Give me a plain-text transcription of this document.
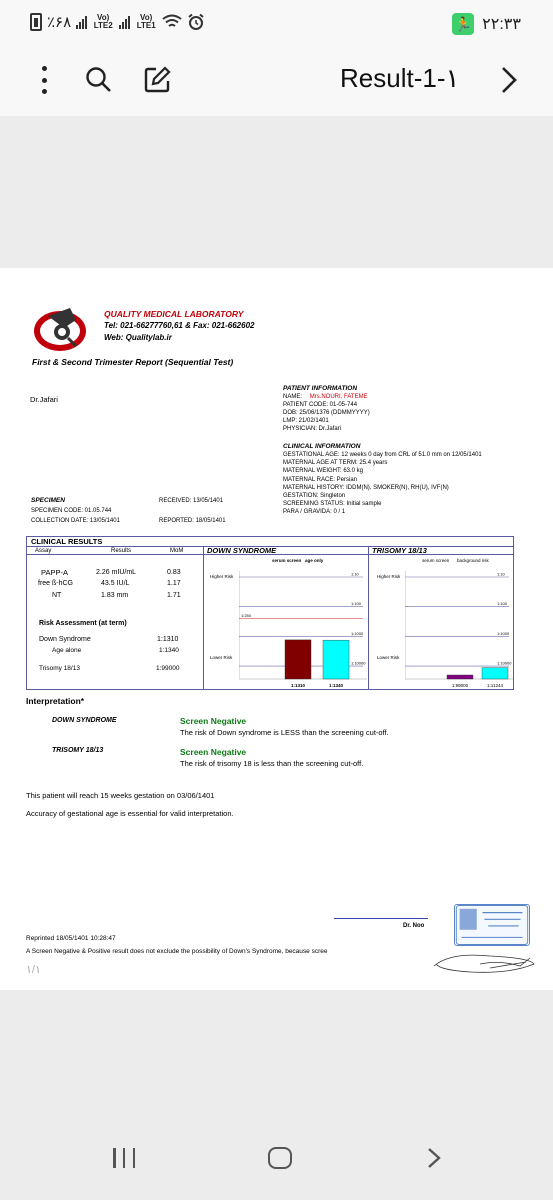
٪۶۸	Vo) LTE2
Vo) LTE1	🏃 ۲۲:۳۳
Result-1-١
QUALITY MEDICAL LABORATORY
Tel: 021-66277760,61 & Fax: 021-662602
Web: Qualitylab.ir
First & Second Trimester Report (Sequential Test)
Dr.Jafari
PATIENT INFORMATION
NAME: Mrs.NOURI, FATEME
PATIENT CODE: 01-05-744
DOB: 25/06/1376 (DDMMYYYY)
LMP: 21/02/1401
PHYSICIAN: Dr.Jafari
CLINICAL INFORMATION
GESTATIONAL AGE: 12 weeks 0 day from CRL of 51.0 mm on 12/05/1401
MATERNAL AGE AT TERM: 25.4 years
MATERNAL WEIGHT: 63.0 kg
MATERNAL RACE: Persian
MATERNAL HISTORY: IDDM(N), SMOKER(N), RH(U), IVF(N)
GESTATION: Singleton
SCREENING STATUS: Initial sample
PARA / GRAVIDA: 0 / 1
SPECIMEN
SPECIMEN CODE: 01.05.744
COLLECTION DATE: 13/05/1401
RECEIVED: 13/05/1401
REPORTED: 18/05/1401
CLINICAL RESULTS
Assay	Results	MoM
PAPP-A	2.26 mIU/mL	0.83
free ß-hCG	43.5 IU/L	1.17
NT	1.83 mm	1.71
Risk Assessment (at term)
Down Syndrome	1:1310
Age alone	1:1340
Trisomy 18/13	1:99000
DOWN SYNDROME
serum screen age only
Higher Risk
Lower Risk
1:10
1:100
1:250
1:1000
1:10000
1:1310	1:1340
TRISOMY 18/13
serum screen background risk
Higher Risk
Lower Risk
1:10
1:100
1:1000
1:10000
1:99000	1:11244
Interpretation*
DOWN SYNDROME	Screen Negative
The risk of Down syndrome is LESS than the screening cut-off.
TRISOMY 18/13	Screen Negative
The risk of trisomy 18 is less than the screening cut-off.
This patient will reach 15 weeks gestation on 03/06/1401
Accuracy of gestational age is essential for valid interpretation.
Dr. Noo
Reprinted 18/05/1401 10:28:47
A Screen Negative & Positive result does not exclude the possibility of Down's Syndrome, because scree
١/١
